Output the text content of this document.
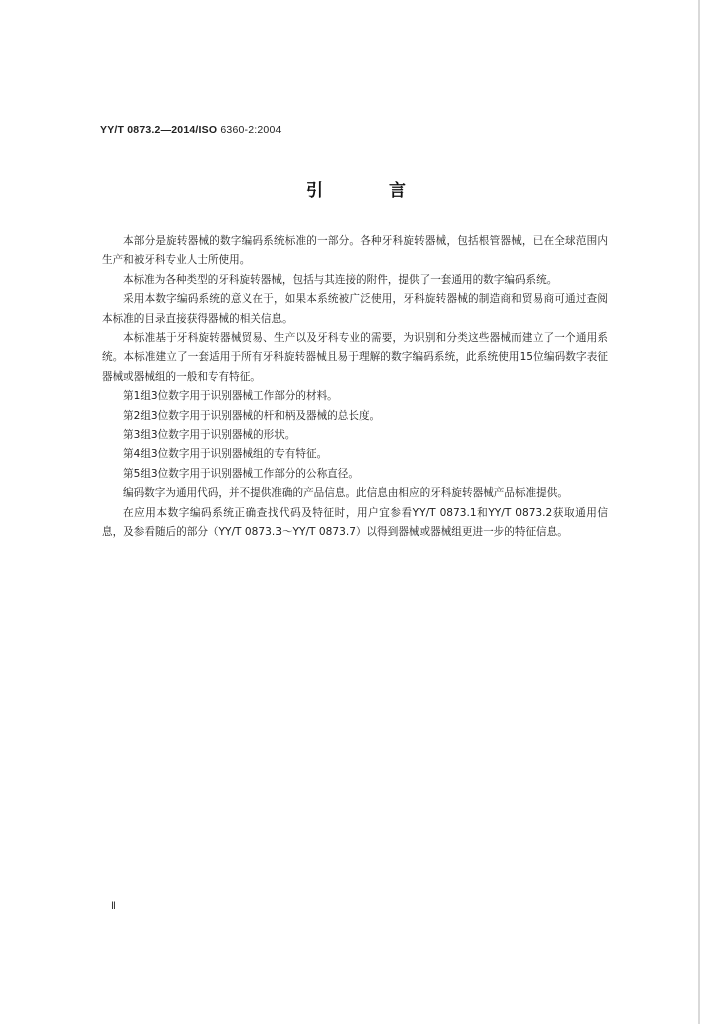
YY/T 0873.2—2014/ISO 6360-2:2004
引 言

本部分是旋转器械的数字编码系统标准的一部分。各种牙科旋转器械，包括根管器械，已在全球范围内生产和被牙科专业人士所使用。

本标准为各种类型的牙科旋转器械，包括与其连接的附件，提供了一套通用的数字编码系统。

采用本数字编码系统的意义在于，如果本系统被广泛使用，牙科旋转器械的制造商和贸易商可通过查阅本标准的目录直接获得器械的相关信息。

本标准基于牙科旋转器械贸易、生产以及牙科专业的需要，为识别和分类这些器械而建立了一个通用系统。本标准建立了一套适用于所有牙科旋转器械且易于理解的数字编码系统，此系统使用15位编码数字表征器械或器械组的一般和专有特征。

第1组3位数字用于识别器械工作部分的材料。

第2组3位数字用于识别器械的杆和柄及器械的总长度。

第3组3位数字用于识别器械的形状。

第4组3位数字用于识别器械组的专有特征。

第5组3位数字用于识别器械工作部分的公称直径。

编码数字为通用代码，并不提供准确的产品信息。此信息由相应的牙科旋转器械产品标准提供。

在应用本数字编码系统正确查找代码及特征时，用户宜参看YY/T 0873.1和YY/T 0873.2获取通用信息，及参看随后的部分（YY/T 0873.3～YY/T 0873.7）以得到器械或器械组更进一步的特征信息。

Ⅱ
